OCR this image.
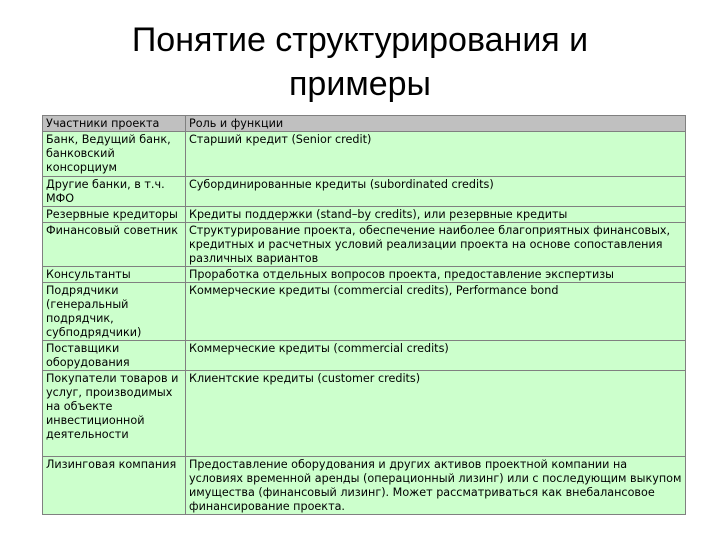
Понятие структурирования и
примеры
Участники проекта	Роль и функции

Банк, Ведущий банк, банковский консорциум	Старший кредит (Senior credit)

Другие банки, в т.ч. МФО	Субординированные кредиты (subordinated credits)

Резервные кредиторы	Кредиты поддержки (stand–by credits), или резервные кредиты

Финансовый советник	Структурирование проекта, обеспечение наиболее благоприятных финансовых, кредитных и расчетных условий реализации проекта на основе сопоставления различных вариантов

Консультанты	Проработка отдельных вопросов проекта, предоставление экспертизы

Подрядчики (генеральный подрядчик, субподрядчики)	Коммерческие кредиты (commercial credits), Performance bond

Поставщики оборудования	Коммерческие кредиты (commercial credits)

Покупатели товаров и услуг, производимых на объекте инвестиционной деятельности	Клиентские кредиты (customer credits)

Лизинговая компания	Предоставление оборудования и других активов проектной компании на условиях временной аренды (операционный лизинг) или с последующим выкупом имущества (финансовый лизинг). Может рассматриваться как внебалансовое финансирование проекта.
